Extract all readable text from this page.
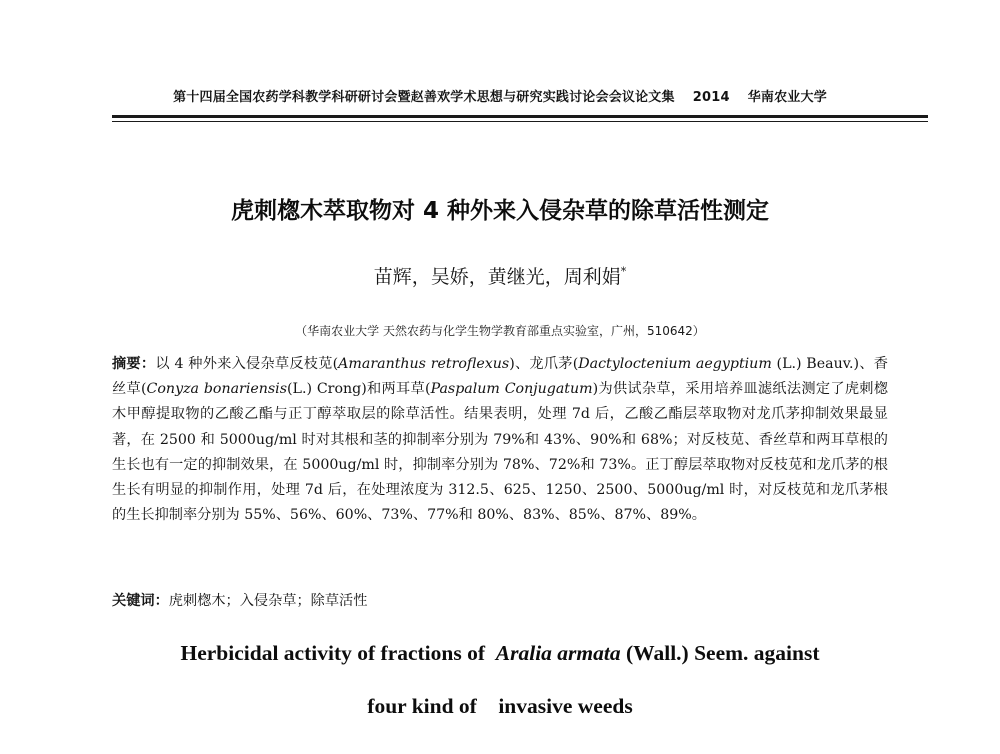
第十四届全国农药学科教学科研研讨会暨赵善欢学术思想与研究实践讨论会会议论文集 2014 华南农业大学
虎刺楤木萃取物对 4 种外来入侵杂草的除草活性测定
苗辉，吴娇，黄继光，周利娟*
（华南农业大学 天然农药与化学生物学教育部重点实验室，广州，510642）
摘要：以 4 种外来入侵杂草反枝苋(Amaranthus retroflexus)、龙爪茅(Dactyloctenium aegyptium (L.) Beauv.)、香丝草(Conyza bonariensis(L.) Crong)和两耳草(Paspalum Conjugatum)为供试杂草，采用培养皿滤纸法测定了虎刺楤木甲醇提取物的乙酸乙酯与正丁醇萃取层的除草活性。结果表明，处理 7d 后，乙酸乙酯层萃取物对龙爪茅抑制效果最显著，在 2500 和 5000ug/ml 时对其根和茎的抑制率分别为 79%和 43%、90%和 68%；对反枝苋、香丝草和两耳草根的生长也有一定的抑制效果，在 5000ug/ml 时，抑制率分别为 78%、72%和 73%。正丁醇层萃取物对反枝苋和龙爪茅的根生长有明显的抑制作用，处理 7d 后，在处理浓度为 312.5、625、1250、2500、5000ug/ml 时，对反枝苋和龙爪茅根的生长抑制率分别为 55%、56%、60%、73%、77%和 80%、83%、85%、87%、89%。
关键词：虎刺楤木；入侵杂草；除草活性
Herbicidal activity of fractions of Aralia armata (Wall.) Seem. against
four kind of    invasive weeds
